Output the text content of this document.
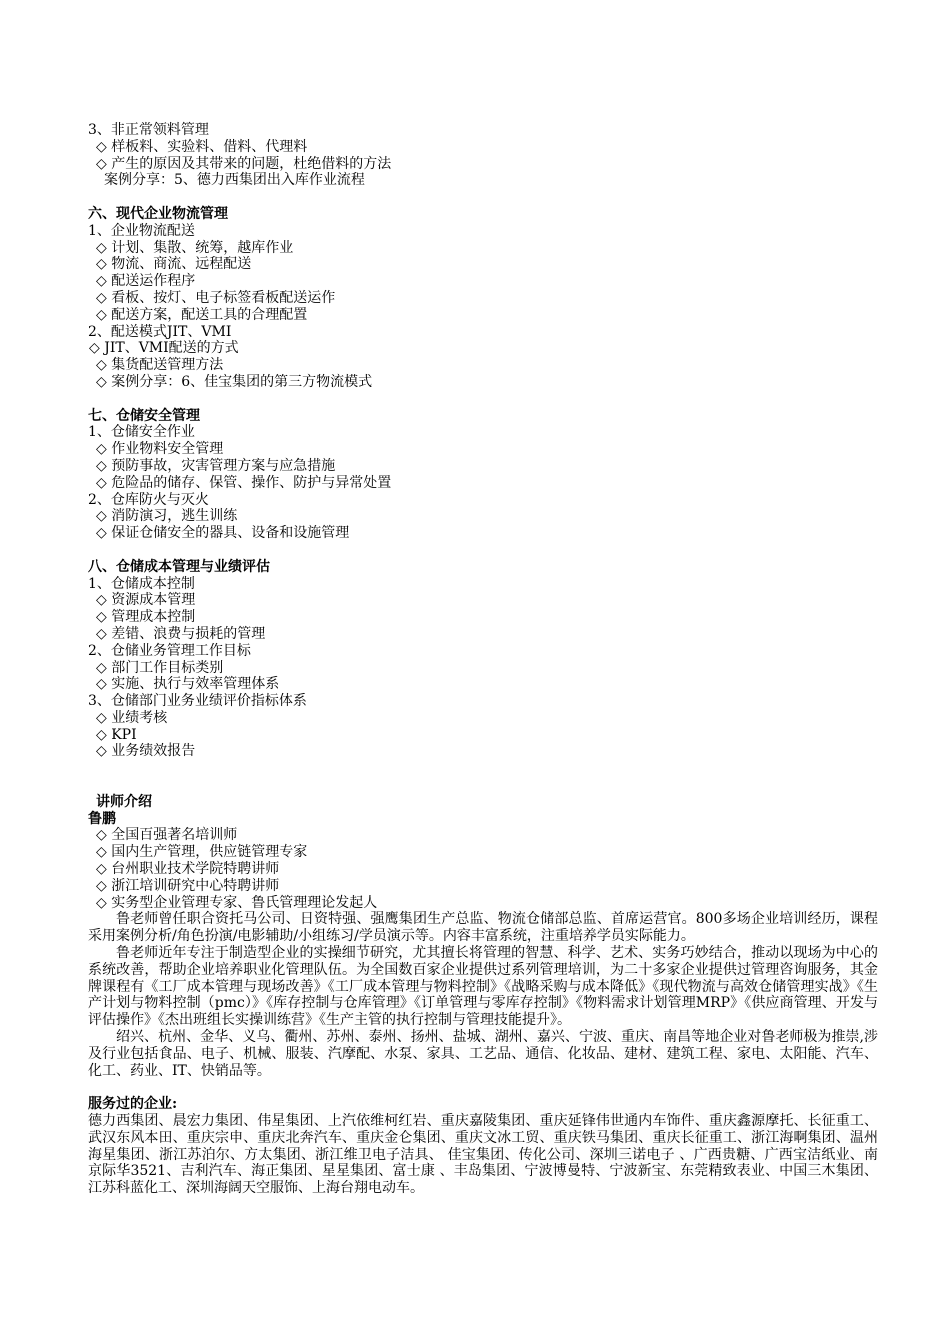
3、非正常领料管理
◇ 样板料、实验料、借料、代理料
◇ 产生的原因及其带来的问题，杜绝借料的方法
案例分享：5、德力西集团出入库作业流程
六、现代企业物流管理
1、企业物流配送
◇ 计划、集散、统筹，越库作业
◇ 物流、商流、远程配送
◇ 配送运作程序
◇ 看板、按灯、电子标签看板配送运作
◇ 配送方案，配送工具的合理配置
2、配送模式JIT、VMI
◇ JIT、VMI配送的方式
◇ 集货配送管理方法
◇ 案例分享：6、佳宝集团的第三方物流模式
七、仓储安全管理
1、仓储安全作业
◇ 作业物料安全管理
◇ 预防事故，灾害管理方案与应急措施
◇ 危险品的储存、保管、操作、防护与异常处置
2、仓库防火与灭火
◇ 消防演习，逃生训练
◇ 保证仓储安全的器具、设备和设施管理
八、仓储成本管理与业绩评估
1、仓储成本控制
◇ 资源成本管理
◇ 管理成本控制
◇ 差错、浪费与损耗的管理
2、仓储业务管理工作目标
◇ 部门工作目标类别
◇ 实施、执行与效率管理体系
3、仓储部门业务业绩评价指标体系
◇ 业绩考核
◇ KPI
◇ 业务绩效报告
讲师介绍
鲁鹏
◇ 全国百强著名培训师
◇ 国内生产管理，供应链管理专家
◇ 台州职业技术学院特聘讲师
◇ 浙江培训研究中心特聘讲师
◇ 实务型企业管理专家、鲁氏管理理论发起人
鲁老师曾任职合资托马公司、日资特强、强鹰集团生产总监、物流仓储部总监、首席运营官。800多场企业培训经历，课程采用案例分析/角色扮演/电影辅助/小组练习/学员演示等。内容丰富系统，注重培养学员实际能力。
鲁老师近年专注于制造型企业的实操细节研究，尤其擅长将管理的智慧、科学、艺术、实务巧妙结合，推动以现场为中心的系统改善，帮助企业培养职业化管理队伍。为全国数百家企业提供过系列管理培训，为二十多家企业提供过管理咨询服务，其金牌课程有《工厂成本管理与现场改善》《工厂成本管理与物料控制》《战略采购与成本降低》《现代物流与高效仓储管理实战》《生产计划与物料控制（pmc）》《库存控制与仓库管理》《订单管理与零库存控制》《物料需求计划管理MRP》《供应商管理、开发与评估操作》《杰出班组长实操训练营》《生产主管的执行控制与管理技能提升》。
绍兴、杭州、金华、义乌、衢州、苏州、泰州、扬州、盐城、湖州、嘉兴、宁波、重庆、南昌等地企业对鲁老师极为推崇,涉及行业包括食品、电子、机械、服装、汽摩配、水泵、家具、工艺品、通信、化妆品、建材、建筑工程、家电、太阳能、汽车、化工、药业、IT、快销品等。
服务过的企业:
德力西集团、晨宏力集团、伟星集团、上汽依维柯红岩、重庆嘉陵集团、重庆延锋伟世通内车饰件、重庆鑫源摩托、长征重工、武汉东风本田、重庆宗申、重庆北奔汽车、重庆金仑集团、重庆文冰工贸、重庆铁马集团、重庆长征重工、浙江海啊集团、温州海星集团、浙江苏泊尔、方太集团、浙江维卫电子洁具、 佳宝集团、传化公司、深圳三诺电子 、广西贵糖、广西宝洁纸业、南京际华3521、吉利汽车、海正集团、星星集团、富士康 、丰岛集团、宁波博曼特、宁波新宝、东莞精致表业、中国三木集团、江苏科蓝化工、深圳海阔天空服饰、上海台翔电动车。
